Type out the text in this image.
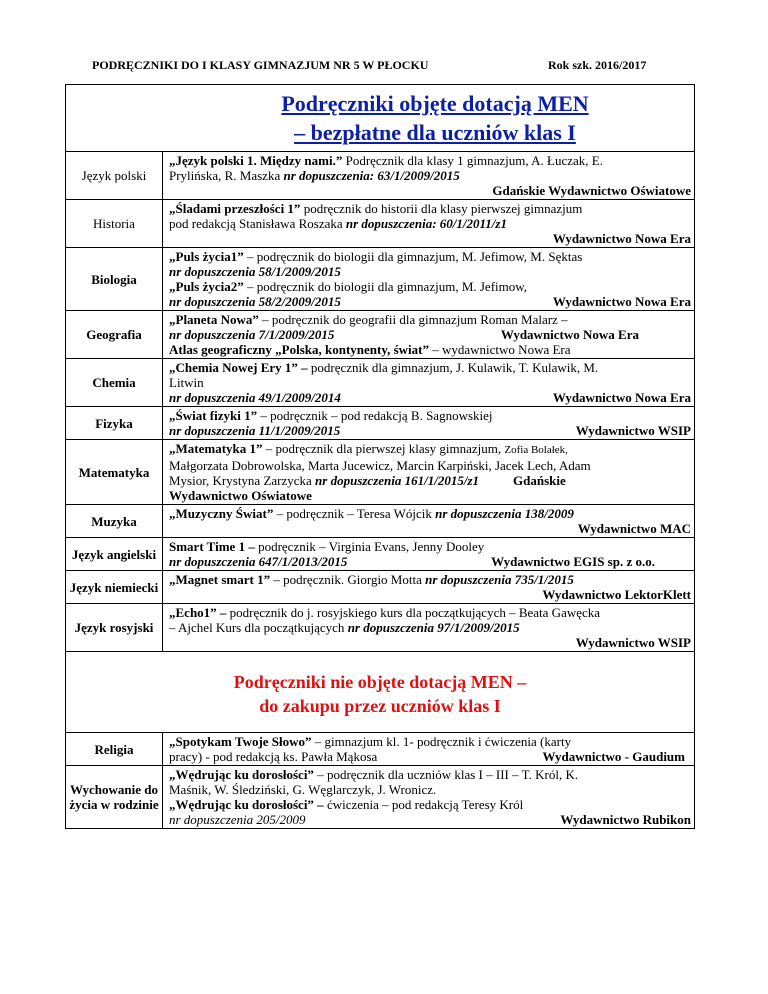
PODRĘCZNIKI DO I KLASY GIMNAZJUM NR 5 W PŁOCKU	Rok szk. 2016/2017
Podręczniki objęte dotacją MEN
– bezpłatne dla uczniów klas I	

Język polski	„Język polski 1. Między nami.” Podręcznik dla klasy 1 gimnazjum, A. Łuczak, E.
Prylińska, R. Maszka nr dopuszczenia: 63/1/2009/2015
Gdańskie Wydawnictwo Oświatowe

Historia	„Śladami przeszłości 1” podręcznik do historii dla klasy pierwszej gimnazjum
pod redakcją Stanisława Roszaka nr dopuszczenia: 60/1/2011/z1
Wydawnictwo Nowa Era

Biologia	„Puls życia1” – podręcznik do biologii dla gimnazjum, M. Jefimow, M. Sęktas
nr dopuszczenia 58/1/2009/2015
„Puls życia2” – podręcznik do biologii dla gimnazjum, M. Jefimow,
nr dopuszczenia 58/2/2009/2015 Wydawnictwo Nowa Era

Geografia	„Planeta Nowa” – podręcznik do geografii dla gimnazjum Roman Malarz –
nr dopuszczenia 7/1/2009/2015 Wydawnictwo Nowa Era
Atlas geograficzny „Polska, kontynenty, świat” – wydawnictwo Nowa Era

Chemia	„Chemia Nowej Ery 1” – podręcznik dla gimnazjum, J. Kulawik, T. Kulawik, M.
Litwin
nr dopuszczenia 49/1/2009/2014 Wydawnictwo Nowa Era

Fizyka	„Świat fizyki 1” – podręcznik – pod redakcją B. Sagnowskiej
nr dopuszczenia 11/1/2009/2015 Wydawnictwo WSIP

Matematyka	„Matematyka 1” – podręcznik dla pierwszej klasy gimnazjum, Zofia Bolałek,
Małgorzata Dobrowolska, Marta Jucewicz, Marcin Karpiński, Jacek Lech, Adam
Mysior, Krystyna Zarzycka nr dopuszczenia 161/1/2015/z1 Gdańskie
Wydawnictwo Oświatowe

Muzyka	„Muzyczny Świat” – podręcznik – Teresa Wójcik nr dopuszczenia 138/2009
Wydawnictwo MAC

Język angielski	Smart Time 1 – podręcznik – Virginia Evans, Jenny Dooley
nr dopuszczenia 647/1/2013/2015 Wydawnictwo EGIS sp. z o.o.

Język niemiecki	„Magnet smart 1” – podręcznik. Giorgio Motta nr dopuszczenia 735/1/2015
Wydawnictwo LektorKlett

Język rosyjski	„Echo1” – podręcznik do j. rosyjskiego kurs dla początkujących – Beata Gawęcka
– Ajchel Kurs dla początkujących nr dopuszczenia 97/1/2009/2015
Wydawnictwo WSIP

Podręczniki nie objęte dotacją MEN –
do zakupu przez uczniów klas I	

Religia	„Spotykam Twoje Słowo” – gimnazjum kl. 1- podręcznik i ćwiczenia (karty
pracy) - pod redakcją ks. Pawła Mąkosa Wydawnictwo - Gaudium

Wychowanie do życia w rodzinie	„Wędrując ku dorosłości” – podręcznik dla uczniów klas I – III – T. Król, K.
Maśnik, W. Śledziński, G. Węglarczyk, J. Wronicz.
„Wędrując ku dorosłości” – ćwiczenia – pod redakcją Teresy Król
nr dopuszczenia 205/2009 Wydawnictwo Rubikon
